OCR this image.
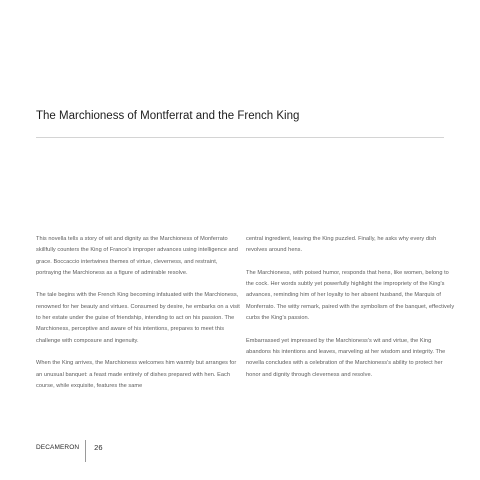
The Marchioness of Montferrat and the French King

This novella tells a story of wit and dignity as the Marchioness of Monferrato skillfully counters the King of France's improper advances using intelligence and grace. Boccaccio intertwines themes of virtue, cleverness, and restraint, portraying the Marchioness as a figure of admirable resolve.

The tale begins with the French King becoming infatuated with the Marchioness, renowned for her beauty and virtues. Consumed by desire, he embarks on a visit to her estate under the guise of friendship, intending to act on his passion. The Marchioness, perceptive and aware of his intentions, prepares to meet this challenge with composure and ingenuity.

When the King arrives, the Marchioness welcomes him warmly but arranges for an unusual banquet: a feast made entirely of dishes prepared with hen. Each course, while exquisite, features the same

central ingredient, leaving the King puzzled. Finally, he asks why every dish revolves around hens.

The Marchioness, with poised humor, responds that hens, like women, belong to the cock. Her words subtly yet powerfully highlight the impropriety of the King's advances, reminding him of her loyalty to her absent husband, the Marquis of Monferrato. The witty remark, paired with the symbolism of the banquet, effectively curbs the King's passion.

Embarrassed yet impressed by the Marchioness's wit and virtue, the King abandons his intentions and leaves, marveling at her wisdom and integrity. The novella concludes with a celebration of the Marchioness's ability to protect her honor and dignity through cleverness and resolve.

DECAMERON	26
